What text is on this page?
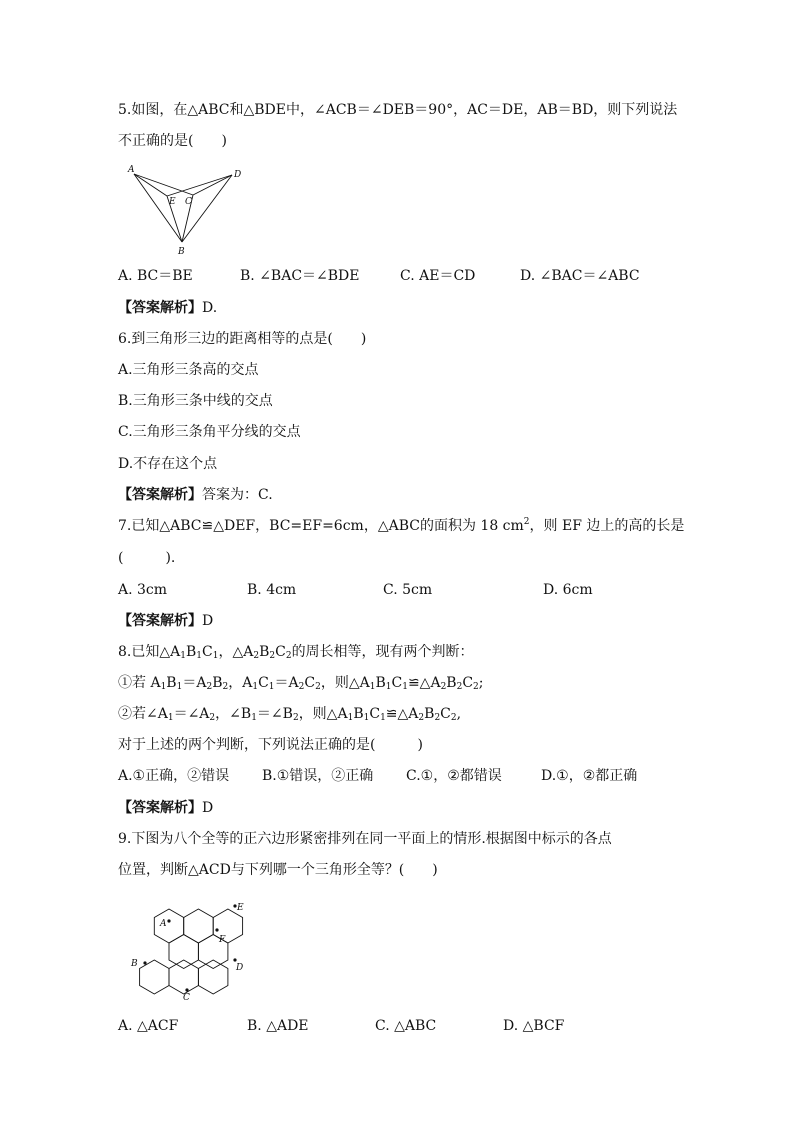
5.如图，在△ABC和△BDE中，∠ACB＝∠DEB＝90°，AC＝DE，AB＝BD，则下列说法
不正确的是(　　)
A	D
E C
B
A. BC＝BE	B. ∠BAC＝∠BDE	C. AE＝CD	D. ∠BAC＝∠ABC
【答案解析】D.
6.到三角形三边的距离相等的点是(　　)
A.三角形三条高的交点
B.三角形三条中线的交点
C.三角形三条角平分线的交点
D.不存在这个点
【答案解析】答案为：C.
7.已知△ABC≌△DEF，BC=EF=6cm，△ABC的面积为 18 $cm^2$，则 EF 边上的高的长是
(　　　).
A. 3cm	B. 4cm	C. 5cm	D. 6cm
【答案解析】D
8.已知$\triangle A_1B_1C_1$，$\triangle A_2B_2C_2$的周长相等，现有两个判断：
①若 $A_1B_1=A_2B_2$，$A_1C_1=A_2C_2$，则$\triangle A_1B_1C_1≌\triangle A_2B_2C_2$;
②若$\angle A_1=\angle A_2$，$\angle B_1=\angle B_2$，则$\triangle A_1B_1C_1≌\triangle A_2B_2C_2$,
对于上述的两个判断，下列说法正确的是(　　　)
A.①正确，②错误 B.①错误，②正确 C.①，②都错误	D.①，②都正确
【答案解析】D
9.下图为八个全等的正六边形紧密排列在同一平面上的情形.根据图中标示的各点
位置，判断△ACD与下列哪一个三角形全等？(　　)
A
E
F
B	D
C
A. △ACF	B. △ADE	C. △ABC	D. △BCF
